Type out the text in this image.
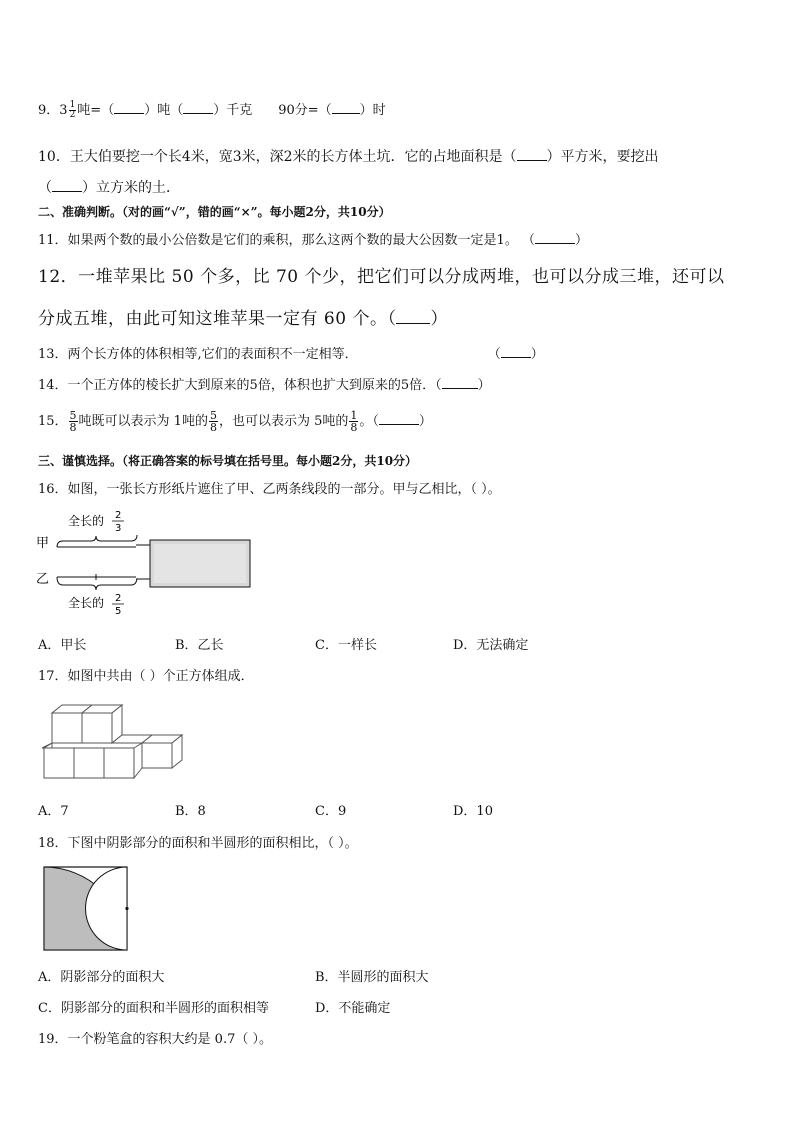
9．$3 \frac{1}{2}$ 吨=（ ）吨（ ）千克 90分=（ ）时
10．王大伯要挖一个长4米，宽3米，深2米的长方体土坑．它的占地面积是（ ）平方米，要挖出
（ ）立方米的土．
二、准确判断。（对的画“√”，错的画“×”。每小题2分，共10分）
11．如果两个数的最小公倍数是它们的乘积，那么这两个数的最大公因数一定是1。 （	）
12．一堆苹果比 50 个多，比 70 个少，把它们可以分成两堆，也可以分成三堆，还可以
分成五堆，由此可知这堆苹果一定有 60 个。（ ）
13．两个长方体的体积相等,它们的表面积不一定相等．	（ ）
14．一个正方体的棱长扩大到原来的5倍，体积也扩大到原来的5倍．（	）
15． $\frac{5}{8}$ 吨既可以表示为 1吨的 $\frac{5}{8}$ ，也可以表示为 5吨的 $\frac{1}{8}$ 。（	）
三、谨慎选择。（将正确答案的标号填在括号里。每小题2分，共10分）
16．如图，一张长方形纸片遮住了甲、乙两条线段的一部分。甲与乙相比，（ ）。
甲
乙
全长的 2
3
全长的 2
5
A．甲长	B．乙长	C．一样长	D．无法确定
17．如图中共由（ ）个正方体组成．
A．7	B．8	C．9	D．10
18．下图中阴影部分的面积和半圆形的面积相比，（ ）。
A．阴影部分的面积大	B．半圆形的面积大
C．阴影部分的面积和半圆形的面积相等	D．不能确定
19．一个粉笔盒的容积大约是 0.7（ ）。
